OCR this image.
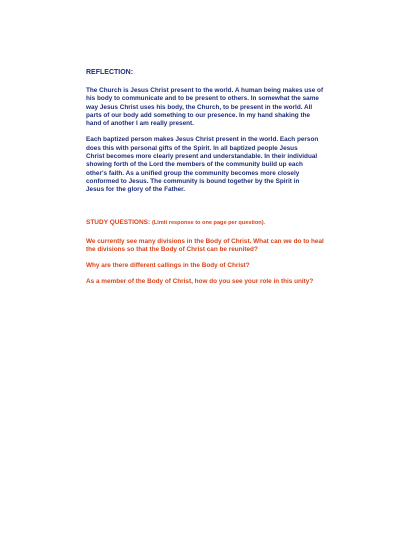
REFLECTION:
The Church is Jesus Christ present to the world. A human being makes use of
his body to communicate and to be present to others. In somewhat the same
way Jesus Christ uses his body, the Church, to be present in the world. All
parts of our body add something to our presence. In my hand shaking the
hand of another I am really present.
Each baptized person makes Jesus Christ present in the world. Each person
does this with personal gifts of the Spirit. In all baptized people Jesus
Christ becomes more clearly present and understandable. In their individual
showing forth of the Lord the members of the community build up each
other's faith. As a unified group the community becomes more closely
conformed to Jesus. The community is bound together by the Spirit in
Jesus for the glory of the Father.
STUDY QUESTIONS: (Limit response to one page per question).
We currently see many divisions in the Body of Christ. What can we do to heal
the divisions so that the Body of Christ can be reunited?
Why are there different callings in the Body of Christ?
As a member of the Body of Christ, how do you see your role in this unity?
